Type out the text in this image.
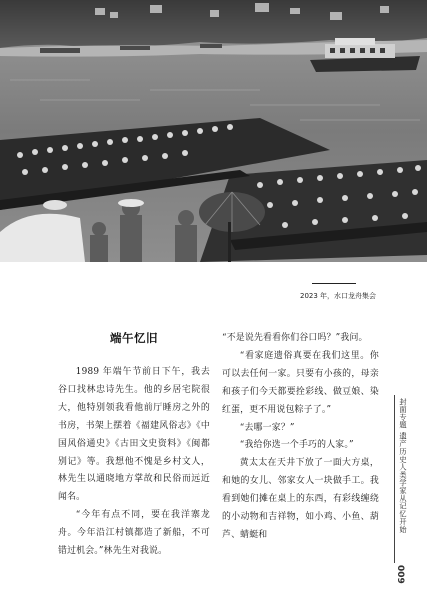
2023 年，水口龙舟集会
端午忆旧

1989 年端午节前日下午，我去谷口找林忠诗先生。他的乡居宅院很大，他特别领我看他前厅睡房之外的书房，书架上摆着《福建风俗志》《中国风俗通史》《古田文史资料》《闽都别记》等。我想他不愧是乡村文人，林先生以通晓地方掌故和民俗而远近闻名。

“今年有点不同，要在我洋寨龙舟。今年沿江村镇都造了新船，不可错过机会。”林先生对我说。

“不是说先看看你们谷口吗？”我问。

“看家庭遗俗真要在我们这里。你可以去任何一家。只要有小孩的，母亲和孩子们今天都要拴彩线、做豆娘、染红蛋，更不用说包粽子了。”

“去哪一家？”

“我给你选一个手巧的人家。”

黄太太在天井下放了一面大方桌，和她的女儿、邻家女人一块做手工。我看到她们摊在桌上的东西，有彩线缠绕的小动物和吉祥物，如小鸡、小鱼、葫芦、蜻蜓和

封面专题 遗产历史人类学家从记忆开始
009
